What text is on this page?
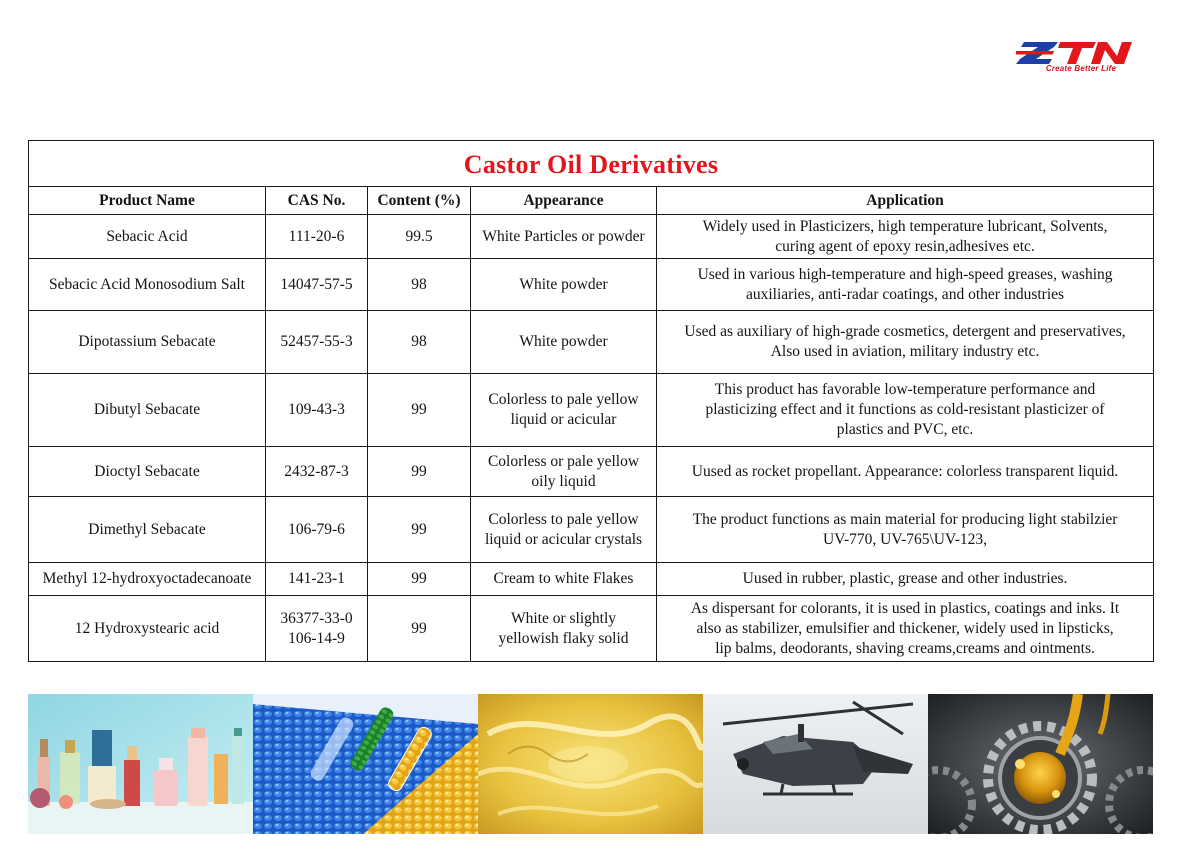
Create Better Life
Castor Oil Derivatives				
Product Name	CAS No.	Content (%)	Appearance	Application
Sebacic Acid	111-20-6	99.5	White Particles or powder	Widely used in Plasticizers, high temperature lubricant, Solvents,
curing agent of epoxy resin,adhesives etc.
Sebacic Acid Monosodium Salt	14047-57-5	98	White powder	Used in various high-temperature and high-speed greases, washing
auxiliaries, anti-radar coatings, and other industries
Dipotassium Sebacate	52457-55-3	98	White powder	Used as auxiliary of high-grade cosmetics, detergent and preservatives,
Also used in aviation, military industry etc.
Dibutyl Sebacate	109-43-3	99	Colorless to pale yellow
liquid or acicular	This product has favorable low-temperature performance and
plasticizing effect and it functions as cold-resistant plasticizer of
plastics and PVC, etc.
Dioctyl Sebacate	2432-87-3	99	Colorless or pale yellow
oily liquid	Uused as rocket propellant. Appearance: colorless transparent liquid.
Dimethyl Sebacate	106-79-6	99	Colorless to pale yellow
liquid or acicular crystals	The product functions as main material for producing light stabilzier
UV-770, UV-765\UV-123,
Methyl 12-hydroxyoctadecanoate	141-23-1	99	Cream to white Flakes	Uused in rubber, plastic, grease and other industries.
12 Hydroxystearic acid	36377-33-0
106-14-9	99	White or slightly
yellowish flaky solid	As dispersant for colorants, it is used in plastics, coatings and inks. It
also as stabilizer, emulsifier and thickener, widely used in lipsticks,
lip balms, deodorants, shaving creams,creams and ointments.
